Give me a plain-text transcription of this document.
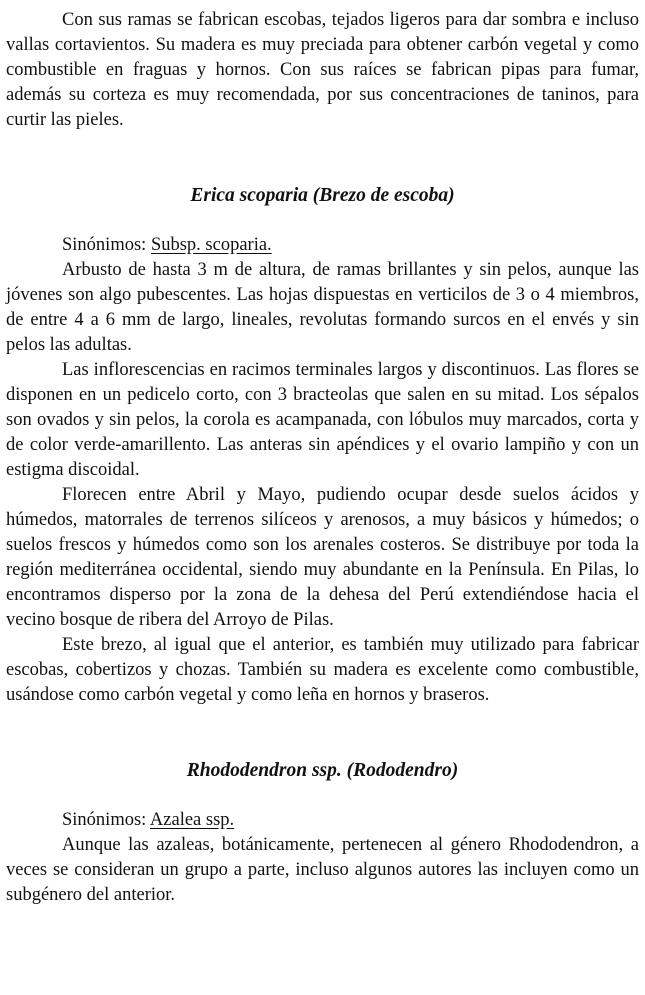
Con sus ramas se fabrican escobas, tejados ligeros para dar sombra e incluso vallas cortavientos. Su madera es muy preciada para obtener carbón vegetal y como combustible en fraguas y hornos. Con sus raíces se fabrican pipas para fumar, además su corteza es muy recomendada, por sus concentraciones de taninos, para curtir las pieles.

Erica scoparia (Brezo de escoba)

Sinónimos: Subsp. scoparia.

Arbusto de hasta 3 m de altura, de ramas brillantes y sin pelos, aunque las jóvenes son algo pubescentes. Las hojas dispuestas en verticilos de 3 o 4 miembros, de entre 4 a 6 mm de largo, lineales, revolutas formando surcos en el envés y sin pelos las adultas.

Las inflorescencias en racimos terminales largos y discontinuos. Las flores se disponen en un pedicelo corto, con 3 bracteolas que salen en su mitad. Los sépalos son ovados y sin pelos, la corola es acampanada, con lóbulos muy marcados, corta y de color verde-amarillento. Las anteras sin apéndices y el ovario lampiño y con un estigma discoidal.

Florecen entre Abril y Mayo, pudiendo ocupar desde suelos ácidos y húmedos, matorrales de terrenos silíceos y arenosos, a muy básicos y húmedos; o suelos frescos y húmedos como son los arenales costeros. Se distribuye por toda la región mediterránea occidental, siendo muy abundante en la Península. En Pilas, lo encontramos disperso por la zona de la dehesa del Perú extendiéndose hacia el vecino bosque de ribera del Arroyo de Pilas.

Este brezo, al igual que el anterior, es también muy utilizado para fabricar escobas, cobertizos y chozas. También su madera es excelente como combustible, usándose como carbón vegetal y como leña en hornos y braseros.

Rhododendron ssp. (Rododendro)

Sinónimos: Azalea ssp.

Aunque las azaleas, botánicamente, pertenecen al género Rhododendron, a veces se consideran un grupo a parte, incluso algunos autores las incluyen como un subgénero del anterior.
